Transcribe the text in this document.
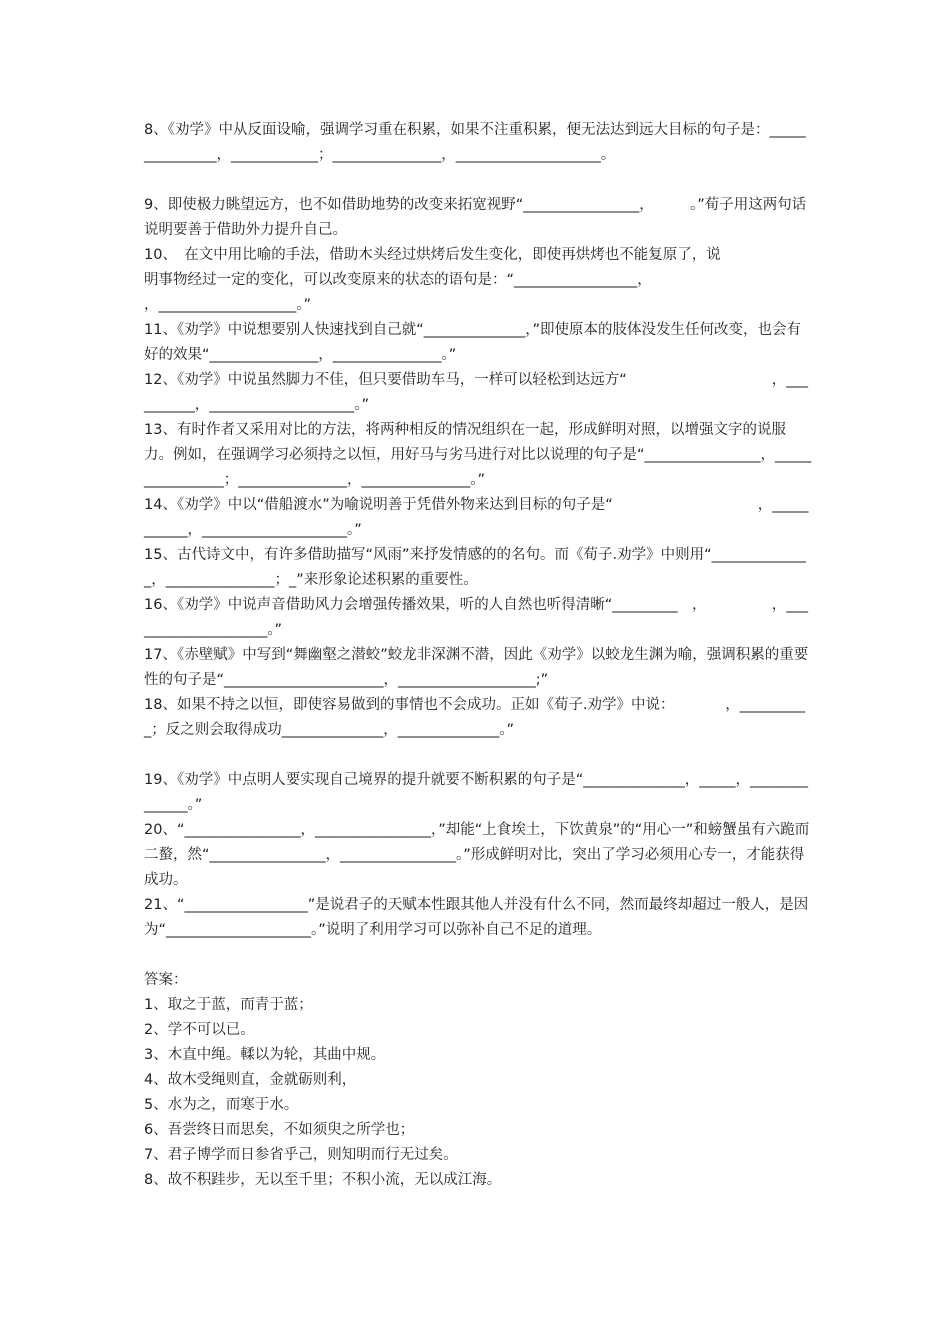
8、《劝学》中从反面设喻，强调学习重在积累，如果不注重积累，便无法达到远大目标的句子是：_______________，____________；_______________，____________________。
9、即使极力眺望远方，也不如借助地势的改变来拓宽视野“________________，　　　。”荀子用这两句话说明要善于借助外力提升自己。
10、　在文中用比喻的手法，借助木头经过烘烤后发生变化，即使再烘烤也不能复原了，说
明事物经过一定的变化，可以改变原来的状态的语句是：“_________________，　　　
，___________________。”
11、《劝学》中说想要别人快速找到自己就“______________，”即使原本的肢体没发生任何改变，也会有好的效果“_______________，_______________。”
12、《劝学》中说虽然脚力不佳，但只要借助车马，一样可以轻松到达远方“　　　　　　　　　　，__________，____________________。”
13、有时作者又采用对比的方法，将两种相反的情况组织在一起，形成鲜明对照，以增强文字的说服力。例如，在强调学习必须持之以恒，用好马与劣马进行对比以说理的句子是“________________，________________；_______________，_______________。”
14、《劝学》中以“借船渡水”为喻说明善于凭借外物来达到目标的句子是“　　　　　　　　　　，___________，____________________。”
15、古代诗文中，有许多借助描写“风雨”来抒发情感的的名句。而《荀子.劝学》中则用“______________，_______________；_”来形象论述积累的重要性。
16、《劝学》中说声音借助风力会增强传播效果，听的人自然也听得清晰“_________　，　　　　　，____________________。”
17、《赤壁赋》中写到“舞幽壑之潜蛟”蛟龙非深渊不潜，因此《劝学》以蛟龙生渊为喻，强调积累的重要性的句子是“______________________，___________________;”
18、如果不持之以恒，即使容易做到的事情也不会成功。正如《荀子.劝学》中说：　　　　，__________；反之则会取得成功______________，______________。”
19、《劝学》中点明人要实现自己境界的提升就要不断积累的句子是“______________，_____，______________。”
20、“________________，________________，”却能“上食埃土，下饮黄泉”的“用心一”和螃蟹虽有六跪而二螯，然“________________，________________。”形成鲜明对比，突出了学习必须用心专一，才能获得成功。
21、“_________________”是说君子的天赋本性跟其他人并没有什么不同，然而最终却超过一般人，是因为“____________________。”说明了利用学习可以弥补自己不足的道理。
答案：
1、取之于蓝，而青于蓝；
2、学不可以已。
3、木直中绳。輮以为轮，其曲中规。
4、故木受绳则直，金就砺则利，
5、水为之，而寒于水。
6、吾尝终日而思矣，不如须臾之所学也；
7、君子博学而日参省乎己，则知明而行无过矣。
8、故不积跬步，无以至千里；不积小流，无以成江海。
